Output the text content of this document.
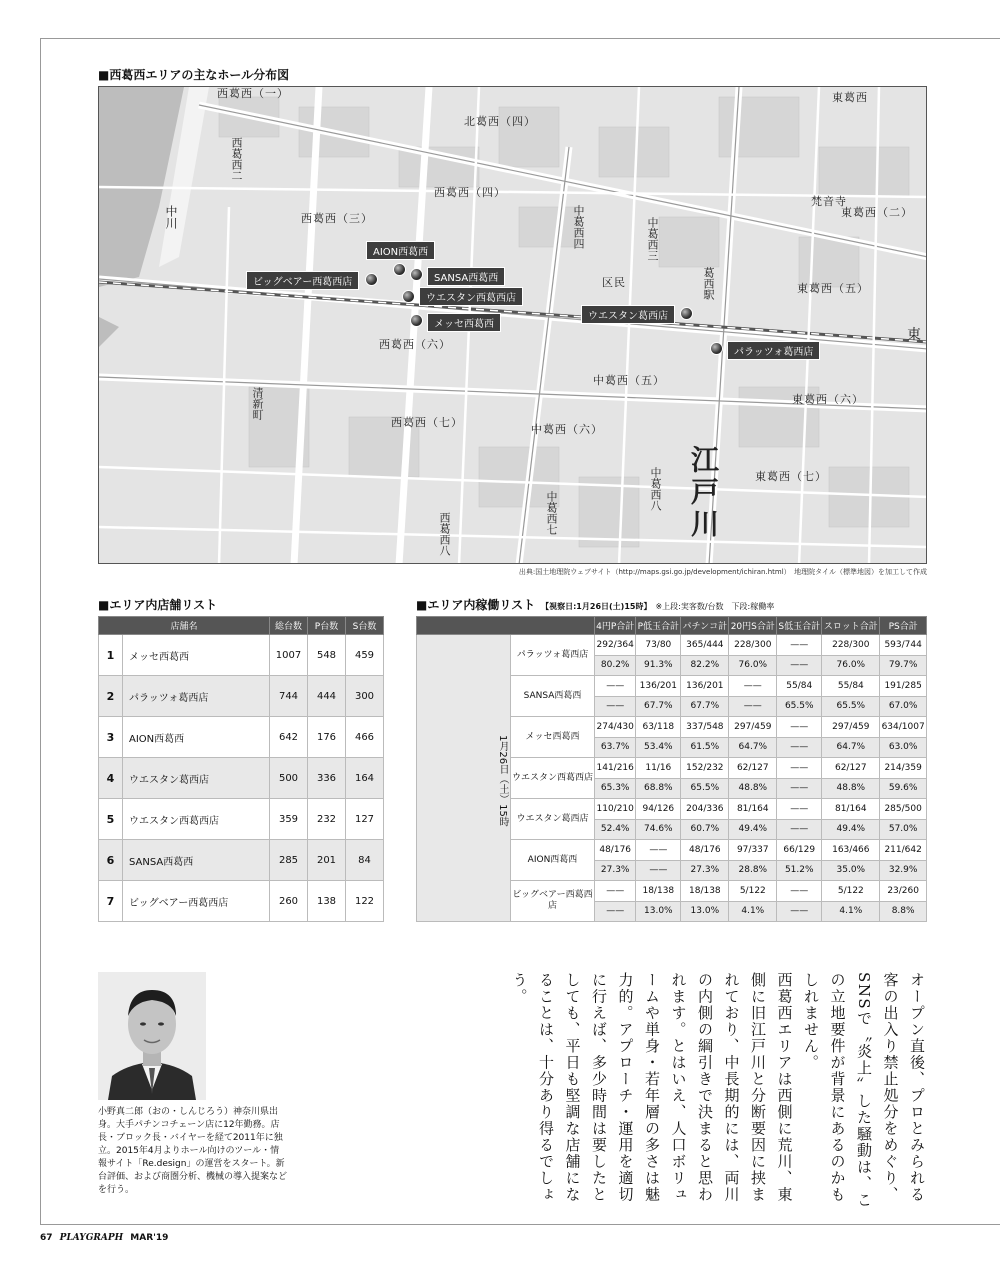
■西葛西エリアの主なホール分布図
西葛西（一）
北葛西（四）
西葛西（四）
西葛西（三）
西葛西（六）
西葛西（七）
中葛西（五）
中葛西（六）
東葛西
東葛西（二）
東葛西（五）
東葛西（六）
東葛西（七）
梵音寺
区民
東
西葛西二
中川
清新町
中葛西四	中葛西三
葛西駅
中葛西八
中葛西七
西葛西八	江戸川
AION西葛西
SANSA西葛西
ビッグベアー西葛西店
ウエスタン西葛西店
メッセ西葛西
ウエスタン葛西店
パラッツォ葛西店
出典:国土地理院ウェブサイト（http://maps.gsi.go.jp/development/ichiran.html）　地理院タイル（標準地図）を加工して作成
■エリア内店舗リスト
店舗名		総台数	P台数	S台数
1	メッセ西葛西	1007	548	459
2	パラッツォ葛西店	744	444	300
3	AION西葛西	642	176	466
4	ウエスタン葛西店	500	336	164
5	ウエスタン西葛西店	359	232	127
6	SANSA西葛西	285	201	84
7	ビッグベアー西葛西店	260	138	122
■エリア内稼働リスト 【視察日:1月26日(土)15時】　 ※上段:実客数/台数　下段:稼働率
		4円P合計	P低玉合計	パチンコ計	20円S合計	S低玉合計	スロット合計	PS合計
1月26日（土）15時	パラッツォ葛西店	292/364	73/80	365/444	228/300	——	228/300	593/744
		80.2%	91.3%	82.2%	76.0%	——	76.0%	79.7%
	SANSA西葛西	——	136/201	136/201	——	55/84	55/84	191/285
		——	67.7%	67.7%	——	65.5%	65.5%	67.0%
	メッセ西葛西	274/430	63/118	337/548	297/459	——	297/459	634/1007
		63.7%	53.4%	61.5%	64.7%	——	64.7%	63.0%
	ウエスタン西葛西店	141/216	11/16	152/232	62/127	——	62/127	214/359
		65.3%	68.8%	65.5%	48.8%	——	48.8%	59.6%
	ウエスタン葛西店	110/210	94/126	204/336	81/164	——	81/164	285/500
		52.4%	74.6%	60.7%	49.4%	——	49.4%	57.0%
	AION西葛西	48/176	——	48/176	97/337	66/129	163/466	211/642
		27.3%	——	27.3%	28.8%	51.2%	35.0%	32.9%
	ビッグベアー西葛西店	——	18/138	18/138	5/122	——	5/122	23/260
		——	13.0%	13.0%	4.1%	——	4.1%	8.8%
小野真二郎（おの・しんじろう）神奈川県出身。大手パチンコチェーン店に12年勤務。店長・ブロック長・バイヤーを経て2011年に独立。2015年4月よりホール向けのツール・情報サイト「Re.design」の運営をスタート。新台評価、および商圏分析、機械の導入提案などを行う。	オープン直後、プロとみられる客の出入り禁止処分をめぐり、SNSで〝炎上〟した騒動は、この立地要件が背景にあるのかもしれません。
西葛西エリアは西側に荒川、東側に旧江戸川と分断要因に挟まれており、中長期的には、両川の内側の綱引きで決まると思われます。とはいえ、人口ボリュームや単身・若年層の多さは魅力的。アプローチ・運用を適切に行えば、多少時間は要したとしても、平日も堅調な店舗になることは、十分あり得るでしょう。

67 PLAYGRAPH MAR'19
